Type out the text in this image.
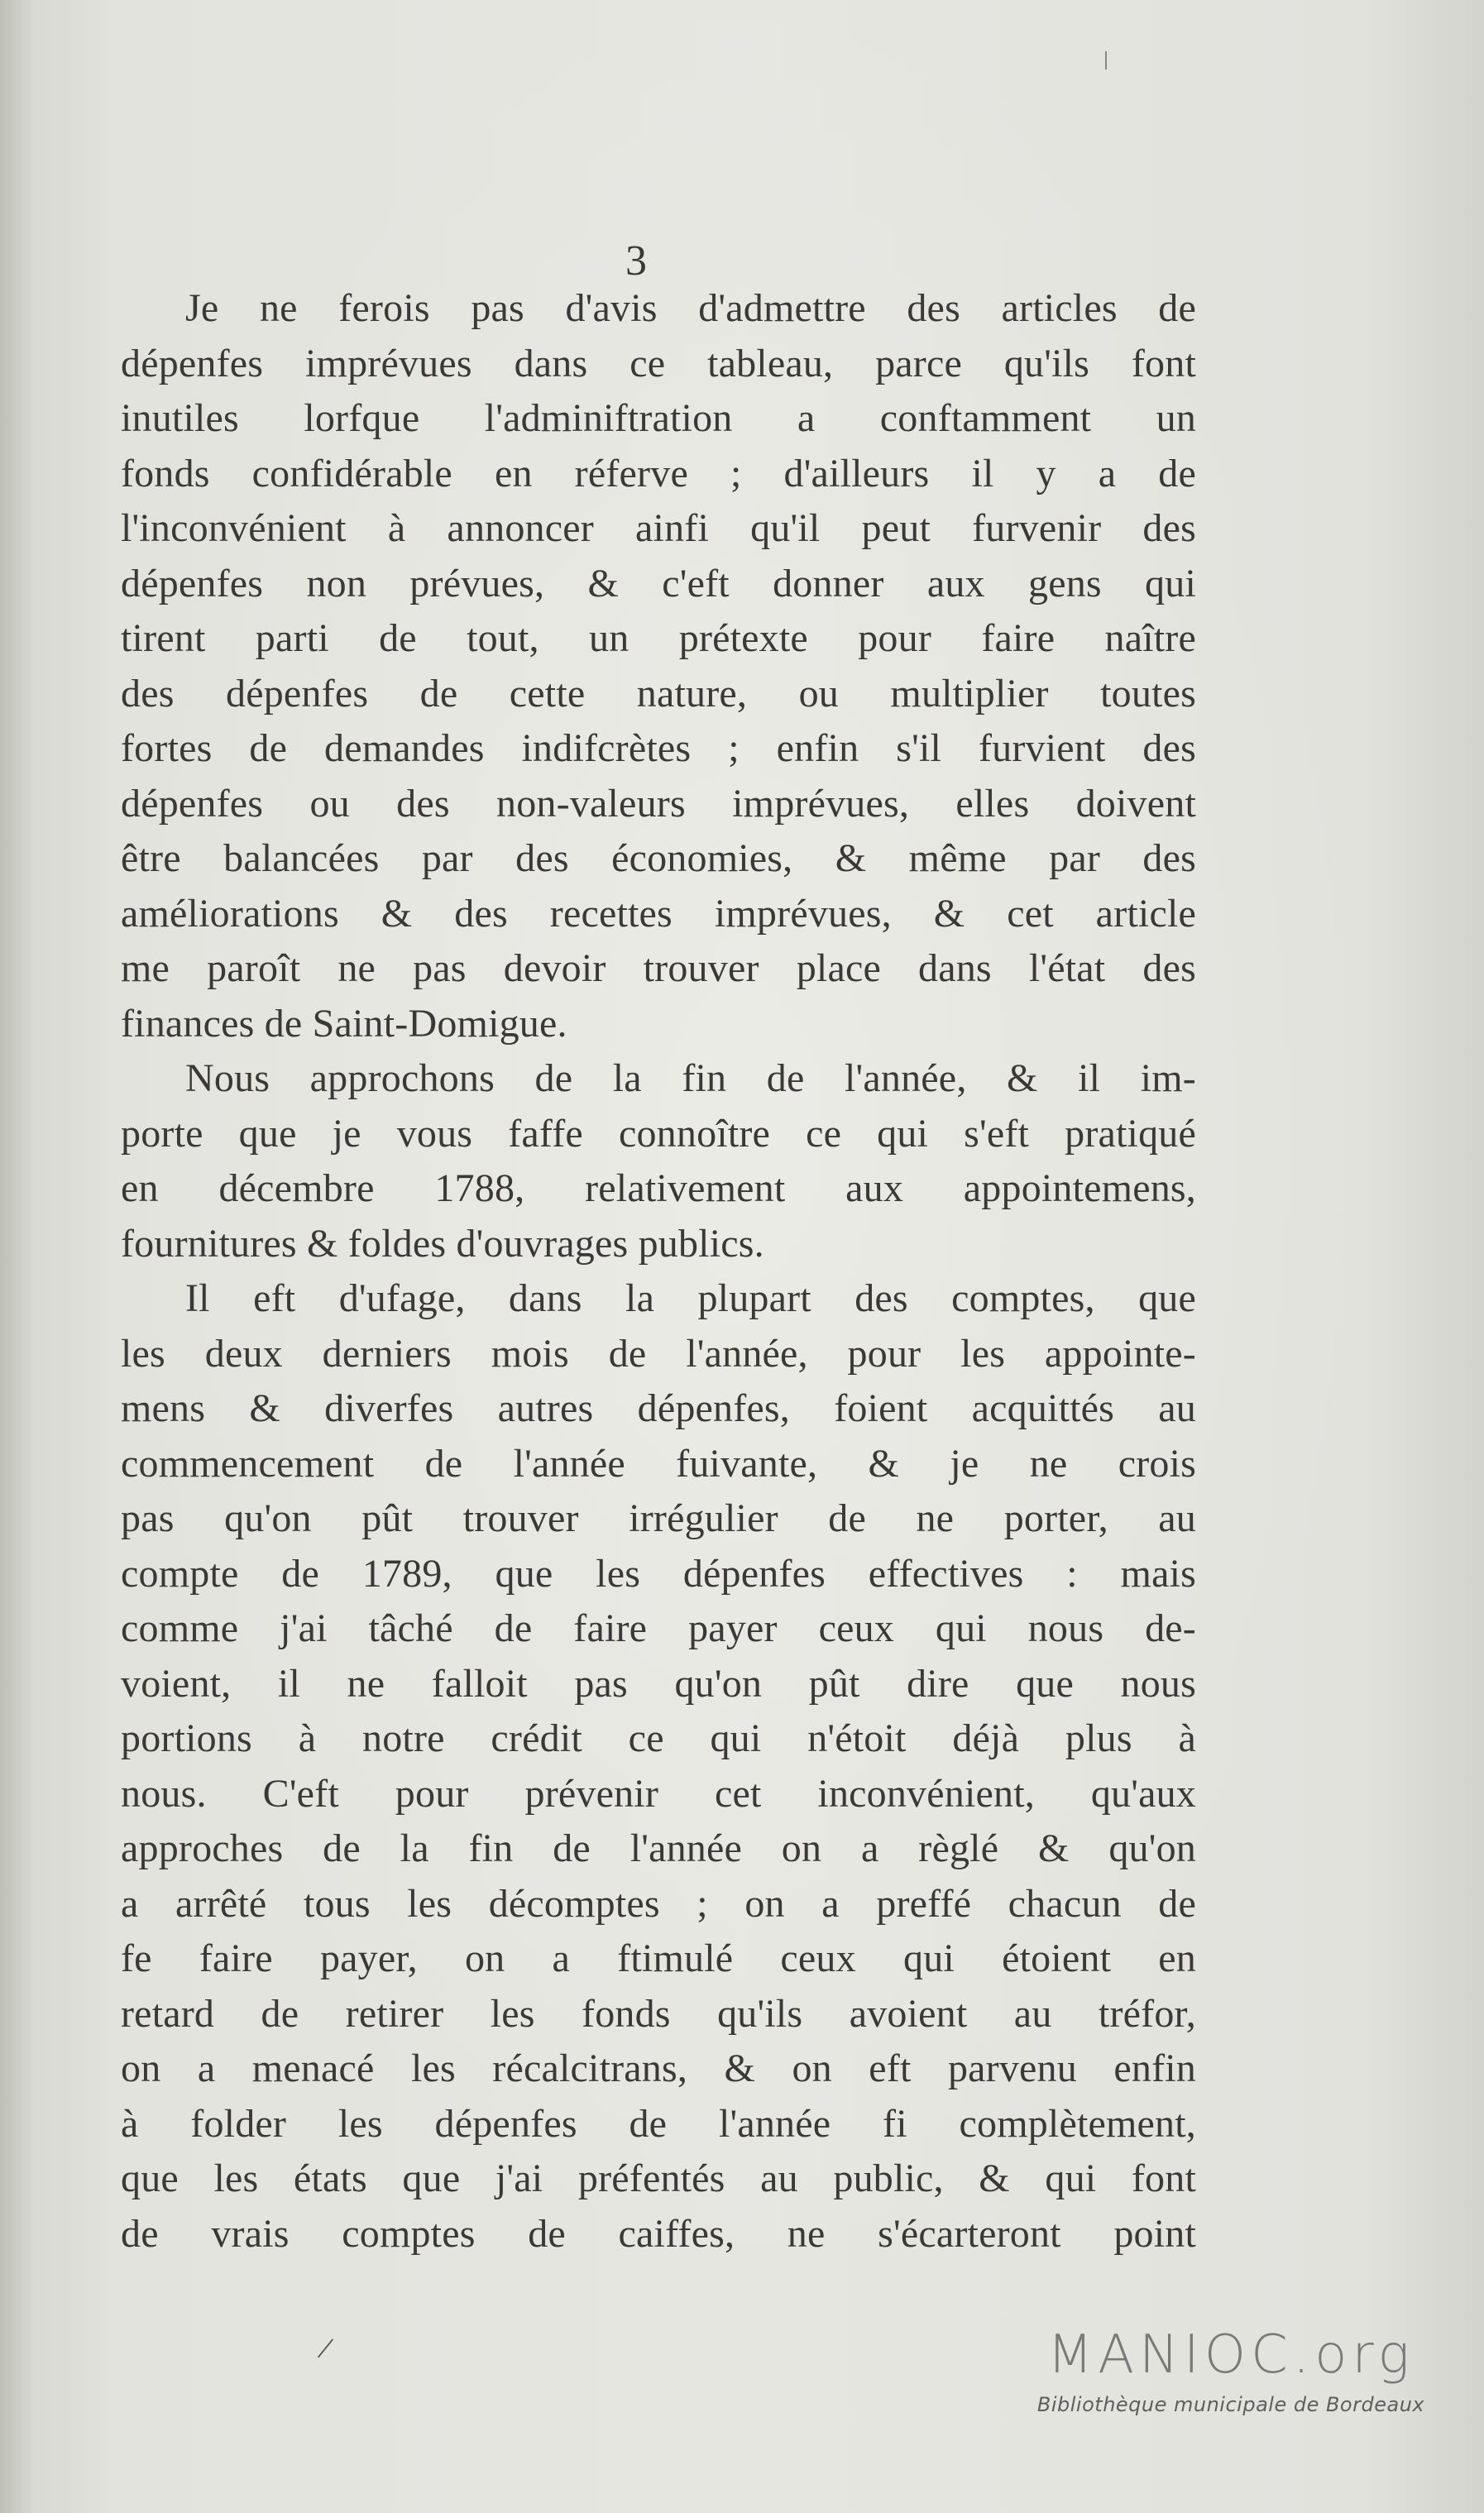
3
Je ne ferois pas d'avis d'admettre des articles de
dépenfes imprévues dans ce tableau, parce qu'ils font
inutiles lorfque l'adminiftration a conftamment un
fonds confidérable en réferve ; d'ailleurs il y a de
l'inconvénient à annoncer ainfi qu'il peut furvenir des
dépenfes non prévues, & c'eft donner aux gens qui
tirent parti de tout, un prétexte pour faire naître
des dépenfes de cette nature, ou multiplier toutes
fortes de demandes indifcrètes ; enfin s'il furvient des
dépenfes ou des non-valeurs imprévues, elles doivent
être balancées par des économies, & même par des
améliorations & des recettes imprévues, & cet article
me paroît ne pas devoir trouver place dans l'état des
finances de Saint-Domigue.
Nous approchons de la fin de l'année, & il im-
porte que je vous faffe connoître ce qui s'eft pratiqué
en décembre 1788, relativement aux appointemens,
fournitures & foldes d'ouvrages publics.
Il eft d'ufage, dans la plupart des comptes, que
les deux derniers mois de l'année, pour les appointe-
mens & diverfes autres dépenfes, foient acquittés au
commencement de l'année fuivante, & je ne crois
pas qu'on pût trouver irrégulier de ne porter, au
compte de 1789, que les dépenfes effectives : mais
comme j'ai tâché de faire payer ceux qui nous de-
voient, il ne falloit pas qu'on pût dire que nous
portions à notre crédit ce qui n'étoit déjà plus à
nous. C'eft pour prévenir cet inconvénient, qu'aux
approches de la fin de l'année on a règlé & qu'on
a arrêté tous les décomptes ; on a preffé chacun de
fe faire payer, on a ftimulé ceux qui étoient en
retard de retirer les fonds qu'ils avoient au tréfor,
on a menacé les récalcitrans, & on eft parvenu enfin
à folder les dépenfes de l'année fi complètement,
que les états que j'ai préfentés au public, & qui font
de vrais comptes de caiffes, ne s'écarteront point
/	MANIOC.org
Bibliothèque municipale de Bordeaux
